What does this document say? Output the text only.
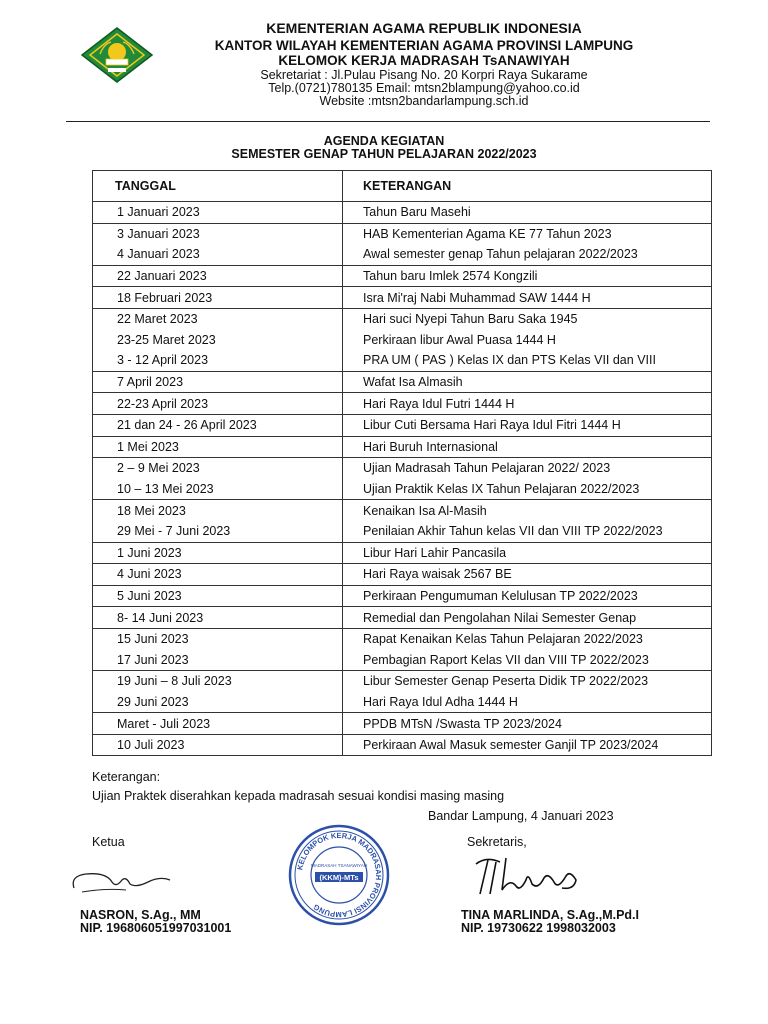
KEMENTERIAN AGAMA REPUBLIK INDONESIA
KANTOR WILAYAH KEMENTERIAN AGAMA PROVINSI LAMPUNG
KELOMOK KERJA MADRASAH TsANAWIYAH
Sekretariat : Jl.Pulau Pisang No. 20 Korpri Raya Sukarame
Telp.(0721)780135 Email: mtsn2blampung@yahoo.co.id
Website :mtsn2bandarlampung.sch.id
AGENDA KEGIATAN
SEMESTER GENAP TAHUN PELAJARAN 2022/2023
TANGGAL	KETERANGAN
1 Januari 2023	Tahun Baru Masehi
3 Januari 2023	HAB Kementerian Agama KE 77 Tahun 2023
4 Januari 2023	Awal semester genap Tahun pelajaran 2022/2023
22 Januari 2023	Tahun baru Imlek 2574 Kongzili
18 Februari 2023	Isra Mi'raj Nabi Muhammad SAW 1444 H
22 Maret 2023	Hari suci Nyepi Tahun Baru Saka 1945
23-25 Maret 2023	Perkiraan libur Awal Puasa 1444 H
3 - 12 April 2023	PRA UM ( PAS ) Kelas IX dan PTS Kelas VII dan VIII
7 April 2023	Wafat Isa Almasih
22-23 April 2023	Hari Raya Idul Futri 1444 H
21 dan 24 - 26 April 2023	Libur Cuti Bersama Hari Raya Idul Fitri 1444 H
1 Mei 2023	Hari Buruh Internasional
2 – 9 Mei 2023	Ujian Madrasah Tahun Pelajaran 2022/ 2023
10 – 13 Mei 2023	Ujian Praktik Kelas IX Tahun Pelajaran 2022/2023
18 Mei 2023	Kenaikan Isa Al-Masih
29 Mei - 7 Juni 2023	Penilaian Akhir Tahun kelas VII dan VIII TP 2022/2023
1 Juni 2023	Libur Hari Lahir Pancasila
4 Juni 2023	Hari Raya waisak 2567 BE
5 Juni 2023	Perkiraan Pengumuman Kelulusan TP 2022/2023
8- 14 Juni 2023	Remedial dan Pengolahan Nilai Semester Genap
15 Juni 2023	Rapat Kenaikan Kelas Tahun Pelajaran 2022/2023
17 Juni 2023	Pembagian Raport Kelas VII dan VIII TP 2022/2023
19 Juni – 8 Juli 2023	Libur Semester Genap Peserta Didik TP 2022/2023
29 Juni 2023	Hari Raya Idul Adha 1444 H
Maret - Juli 2023	PPDB MTsN /Swasta TP 2023/2024
10 Juli 2023	Perkiraan Awal Masuk semester Ganjil TP 2023/2024
Keterangan:
Ujian Praktek diserahkan kepada madrasah sesuai kondisi masing masing
Bandar Lampung, 4 Januari 2023
Ketua	Sekretaris,
KELOMPOK KERJA MADRASAH PROVINSI LAMPUNG
MADRASAH TSANAWIYAH
(KKM)-MTs
NASRON, S.Ag., MM
NIP. 196806051997031001
TINA MARLINDA, S.Ag.,M.Pd.I
NIP. 19730622 1998032003
